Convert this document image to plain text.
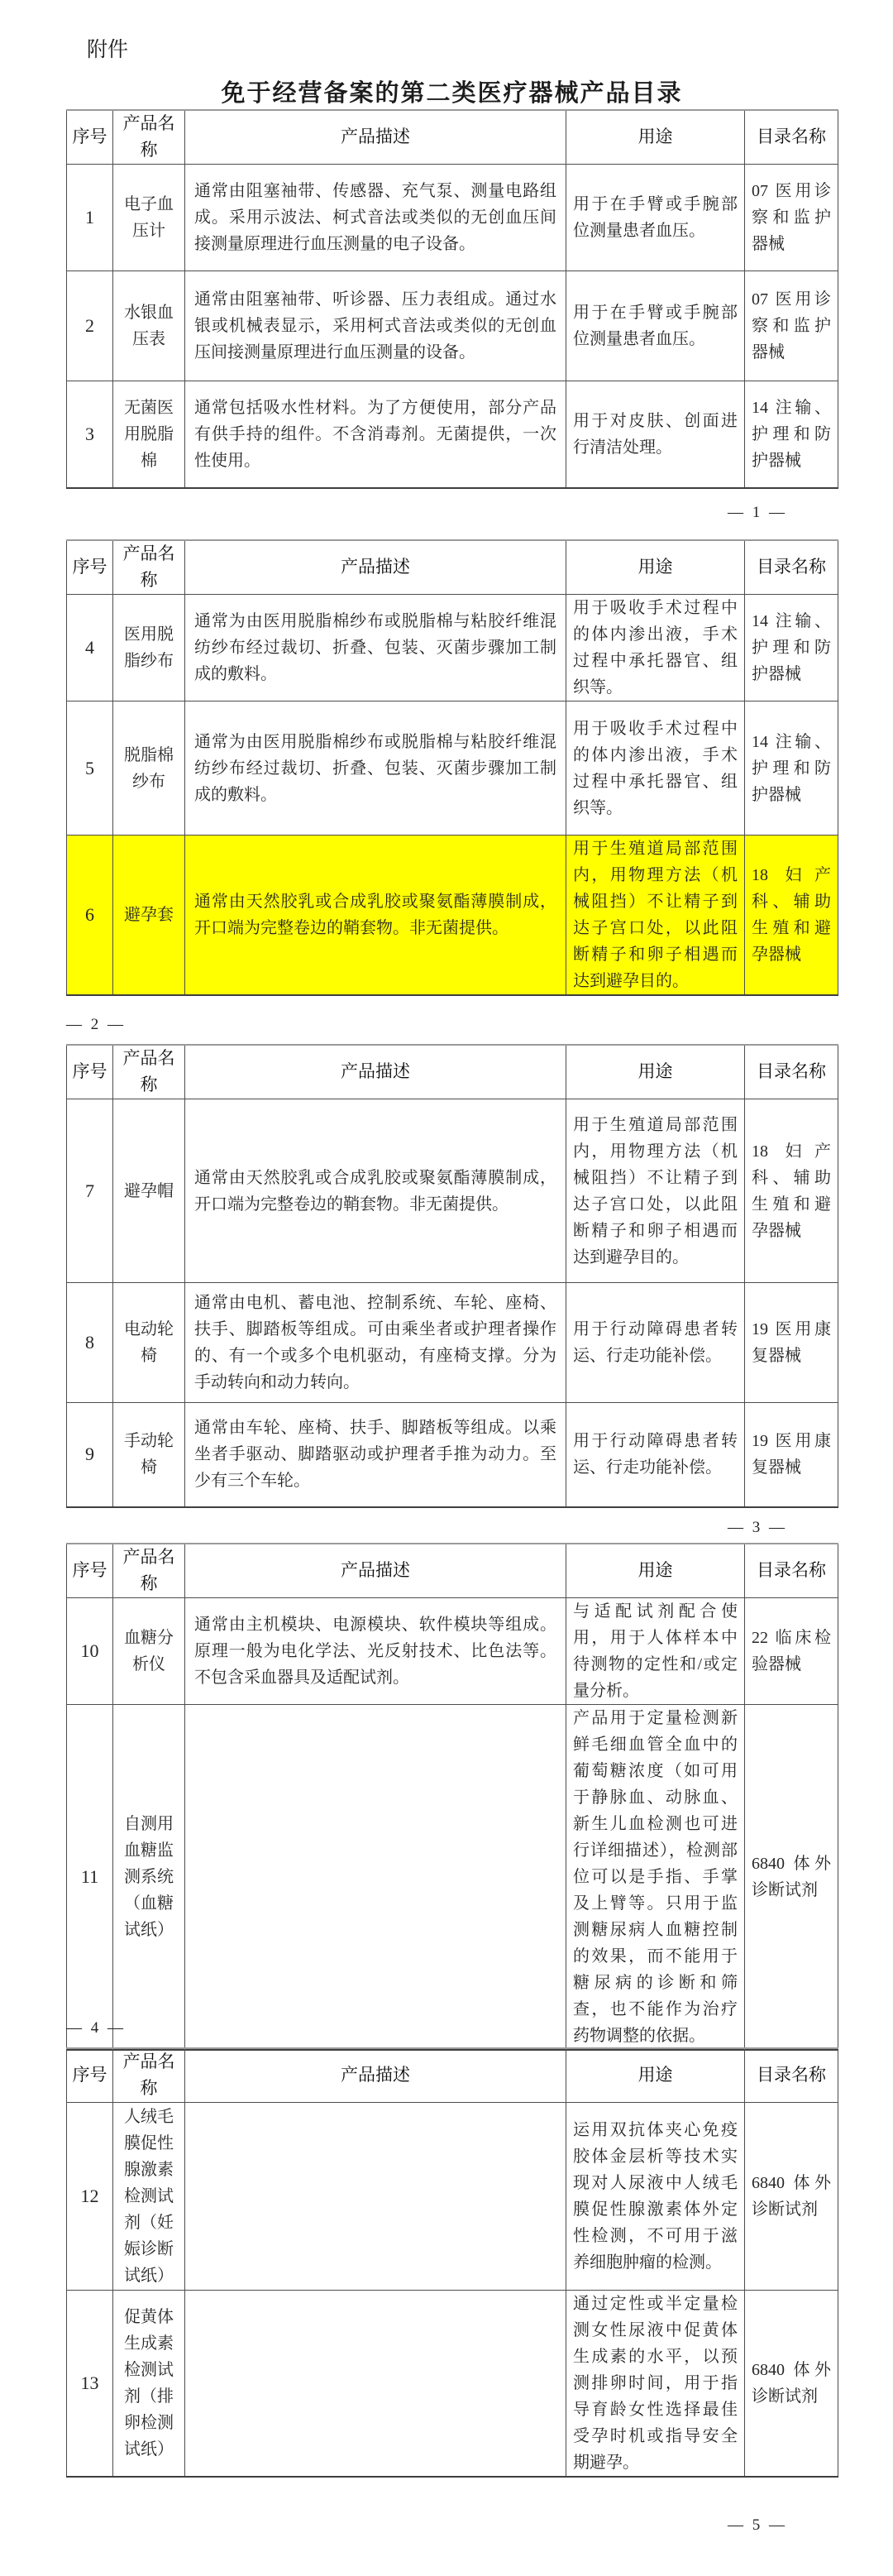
附件
免于经营备案的第二类医疗器械产品目录
序号	产品名称	产品描述	用途	目录名称
1	电子血压计	通常由阻塞袖带、传感器、充气泵、测量电路组成。采用示波法、柯式音法或类似的无创血压间接测量原理进行血压测量的电子设备。	用于在手臂或手腕部位测量患者血压。	07 医用诊察和监护器械
2	水银血压表	通常由阻塞袖带、听诊器、压力表组成。通过水银或机械表显示，采用柯式音法或类似的无创血压间接测量原理进行血压测量的设备。	用于在手臂或手腕部位测量患者血压。	07 医用诊察和监护器械
3	无菌医用脱脂棉	通常包括吸水性材料。为了方便使用，部分产品有供手持的组件。不含消毒剂。无菌提供，一次性使用。	用于对皮肤、创面进行清洁处理。	14 注输、护理和防护器械
— 1 —
序号	产品名称	产品描述	用途	目录名称
4	医用脱脂纱布	通常为由医用脱脂棉纱布或脱脂棉与粘胶纤维混纺纱布经过裁切、折叠、包装、灭菌步骤加工制成的敷料。	用于吸收手术过程中的体内渗出液，手术过程中承托器官、组织等。	14 注输、护理和防护器械
5	脱脂棉纱布	通常为由医用脱脂棉纱布或脱脂棉与粘胶纤维混纺纱布经过裁切、折叠、包装、灭菌步骤加工制成的敷料。	用于吸收手术过程中的体内渗出液，手术过程中承托器官、组织等。	14 注输、护理和防护器械
6	避孕套	通常由天然胶乳或合成乳胶或聚氨酯薄膜制成，开口端为完整卷边的鞘套物。非无菌提供。	用于生殖道局部范围内，用物理方法（机械阻挡）不让精子到达子宫口处，以此阻断精子和卵子相遇而达到避孕目的。	18 妇产科、辅助生殖和避孕器械
— 2 —
序号	产品名称	产品描述	用途	目录名称
7	避孕帽	通常由天然胶乳或合成乳胶或聚氨酯薄膜制成，开口端为完整卷边的鞘套物。非无菌提供。	用于生殖道局部范围内，用物理方法（机械阻挡）不让精子到达子宫口处，以此阻断精子和卵子相遇而达到避孕目的。	18 妇产科、辅助生殖和避孕器械
8	电动轮椅	通常由电机、蓄电池、控制系统、车轮、座椅、扶手、脚踏板等组成。可由乘坐者或护理者操作的、有一个或多个电机驱动，有座椅支撑。分为手动转向和动力转向。	用于行动障碍患者转运、行走功能补偿。	19 医用康复器械
9	手动轮椅	通常由车轮、座椅、扶手、脚踏板等组成。以乘坐者手驱动、脚踏驱动或护理者手推为动力。至少有三个车轮。	用于行动障碍患者转运、行走功能补偿。	19 医用康复器械
— 3 —
序号	产品名称	产品描述	用途	目录名称
10	血糖分析仪	通常由主机模块、电源模块、软件模块等组成。原理一般为电化学法、光反射技术、比色法等。不包含采血器具及适配试剂。	与适配试剂配合使用，用于人体样本中待测物的定性和/或定量分析。	22 临床检验器械
11	自测用血糖监测系统（血糖试纸）		产品用于定量检测新鲜毛细血管全血中的葡萄糖浓度（如可用于静脉血、动脉血、新生儿血检测也可进行详细描述），检测部位可以是手指、手掌及上臂等。只用于监测糖尿病人血糖控制的效果，而不能用于糖尿病的诊断和筛查，也不能作为治疗药物调整的依据。	6840 体外诊断试剂
— 4 —
序号	产品名称	产品描述	用途	目录名称
12	人绒毛膜促性腺激素检测试剂（妊娠诊断试纸）		运用双抗体夹心免疫胶体金层析等技术实现对人尿液中人绒毛膜促性腺激素体外定性检测，不可用于滋养细胞肿瘤的检测。	6840 体外诊断试剂
13	促黄体生成素检测试剂（排卵检测试纸）		通过定性或半定量检测女性尿液中促黄体生成素的水平，以预测排卵时间，用于指导育龄女性选择最佳受孕时机或指导安全期避孕。	6840 体外诊断试剂
— 5 —
